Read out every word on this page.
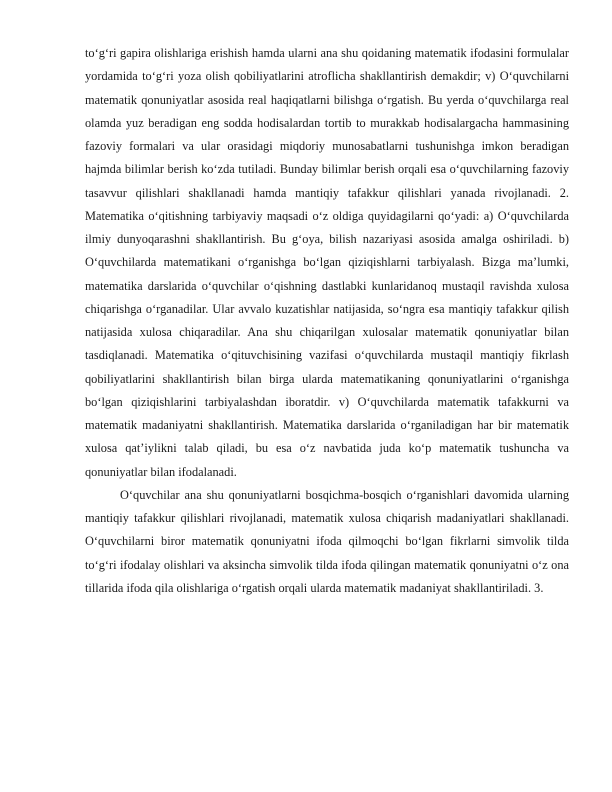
to‘g‘ri gapira olishlariga erishish hamda ularni ana shu qoidaning matematik ifodasini formulalar yordamida to‘g‘ri yoza olish qobiliyatlarini atroflicha shakllantirish demakdir; v) O‘quvchilarni matematik qonuniyatlar asosida real haqiqatlarni bilishga o‘rgatish. Bu yerda o‘quvchilarga real olamda yuz beradigan eng sodda hodisalardan tortib to murakkab hodisalargacha hammasining fazoviy formalari va ular orasidagi miqdoriy munosabatlarni tushunishga imkon beradigan hajmda bilimlar berish ko‘zda tutiladi. Bunday bilimlar berish orqali esa o‘quvchilarning fazoviy tasavvur qilishlari shakllanadi hamda mantiqiy tafakkur qilishlari yanada rivojlanadi. 2. Matematika o‘qitishning tarbiyaviy maqsadi o‘z oldiga quyidagilarni qo‘yadi: a) O‘quvchilarda ilmiy dunyoqarashni shakllantirish. Bu g‘oya, bilish nazariyasi asosida amalga oshiriladi. b) O‘quvchilarda matematikani o‘rganishga bo‘lgan qiziqishlarni tarbiyalash. Bizga ma’lumki, matematika darslarida o‘quvchilar o‘qishning dastlabki kunlaridanoq mustaqil ravishda xulosa chiqarishga o‘rganadilar. Ular avvalo kuzatishlar natijasida, so‘ngra esa mantiqiy tafakkur qilish natijasida xulosa chiqaradilar. Ana shu chiqarilgan xulosalar matematik qonuniyatlar bilan tasdiqlanadi. Matematika o‘qituvchisining vazifasi o‘quvchilarda mustaqil mantiqiy fikrlash qobiliyatlarini shakllantirish bilan birga ularda matematikaning qonuniyatlarini o‘rganishga bo‘lgan qiziqishlarini tarbiyalashdan iboratdir. v) O‘quvchilarda matematik tafakkurni va matematik madaniyatni shakllantirish. Matematika darslarida o‘rganiladigan har bir matematik xulosa qat’iylikni talab qiladi, bu esa o‘z navbatida juda ko‘p matematik tushuncha va qonuniyatlar bilan ifodalanadi.

O‘quvchilar ana shu qonuniyatlarni bosqichma-bosqich o‘rganishlari davomida ularning mantiqiy tafakkur qilishlari rivojlanadi, matematik xulosa chiqarish madaniyatlari shakllanadi. O‘quvchilarni biror matematik qonuniyatni ifoda qilmoqchi bo‘lgan fikrlarni simvolik tilda to‘g‘ri ifodalay olishlari va aksincha simvolik tilda ifoda qilingan matematik qonuniyatni o‘z ona tillarida ifoda qila olishlariga o‘rgatish orqali ularda matematik madaniyat shakllantiriladi. 3.
